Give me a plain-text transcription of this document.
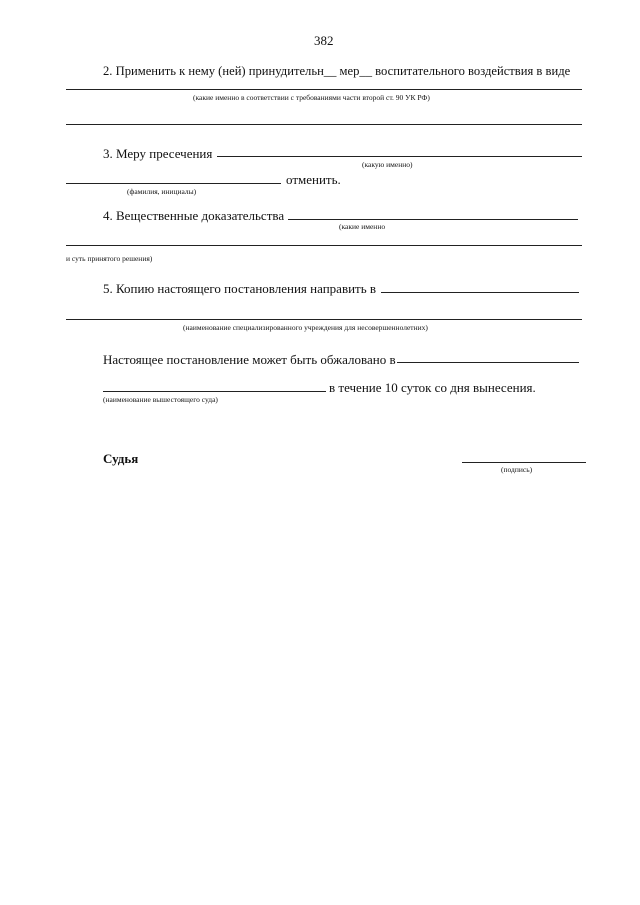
382
2. Применить к нему (ней) принудительн__ мер__ воспитательного воздействия в виде
(какие именно в соответствии с требованиями части второй ст. 90 УК РФ)
3. Меру пресечения
(какую именно)
отменить.
(фамилия, инициалы)
4. Вещественные доказательства
(какие именно
и суть принятого решения)
5. Копию настоящего постановления направить в
(наименование специализированного учреждения для несовершеннолетних)
Настоящее постановление может быть обжаловано в
в течение 10 суток со дня вынесения.
(наименование вышестоящего суда)
Судья
(подпись)
